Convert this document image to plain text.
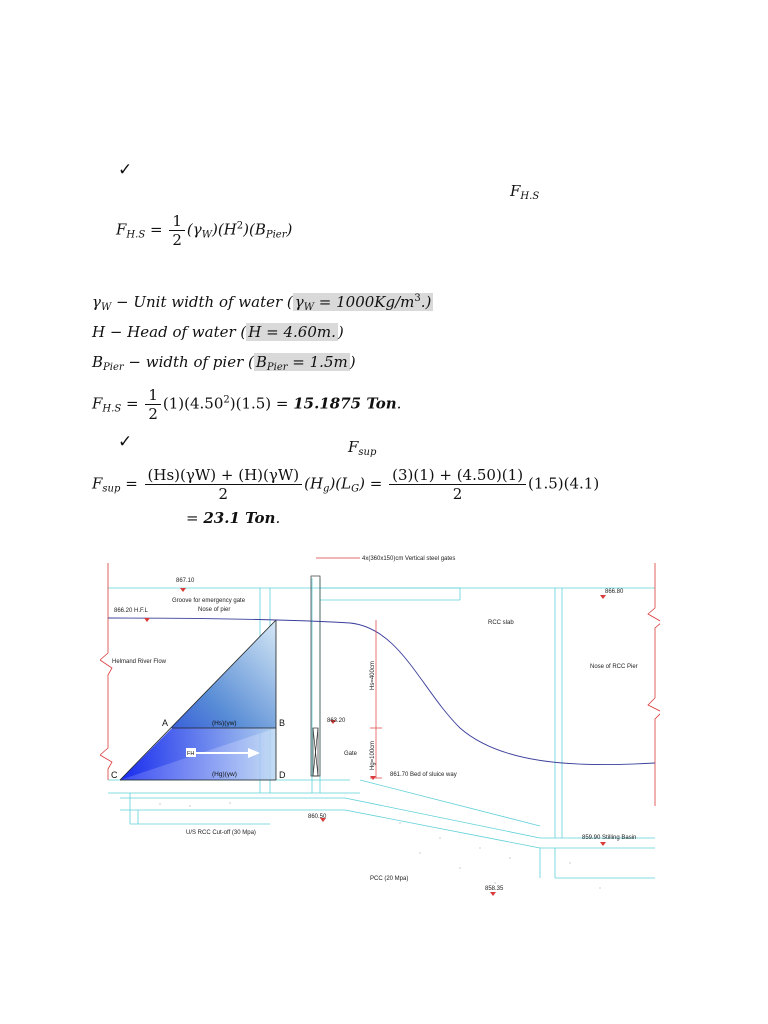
✓
$F_{H.S}$
$F_{H.S} = \frac{1}{2} (\gamma_W)(H^2)(B_{Pier})$
$\gamma_W$ − Unit width of water ( $\gamma_W = 1000Kg/m^3$.)
H − Head of water ( H = 4.60m. )
$B_{Pier}$ − width of pier ( $B_{Pier} = 1.5m$ )
$F_{H.S} = \frac{1}{2} (1)(4.50^2)(1.5) = 15.1875$ Ton.
✓	$F_{sup}$
$F_{sup} = \frac{(Hs)(\gamma W) + (H)(\gamma W)}{2} (H_g)(L_G) = \frac{(3)(1) + (4.50)(1)}{2} (1.5)(4.1)$
= 23.1 Ton.
4x(360x150)cm Vertical steel gates
867.10
866.20 H.F.L
Groove for emergency gate
Nose of pier
Helmand River Flow
866.80
RCC slab
Nose of RCC Pier
Hs=400cm
Hg=100cm
863.20
Gate
861.70 Bed of sluice way
860.50
U/S RCC Cut-off (30 Mpa)
859.90 Stilling Basin
PCC (20 Mpa)
858.35
A	B
C	D
(Hs)(γw)
(Hg)(γw)
FH
